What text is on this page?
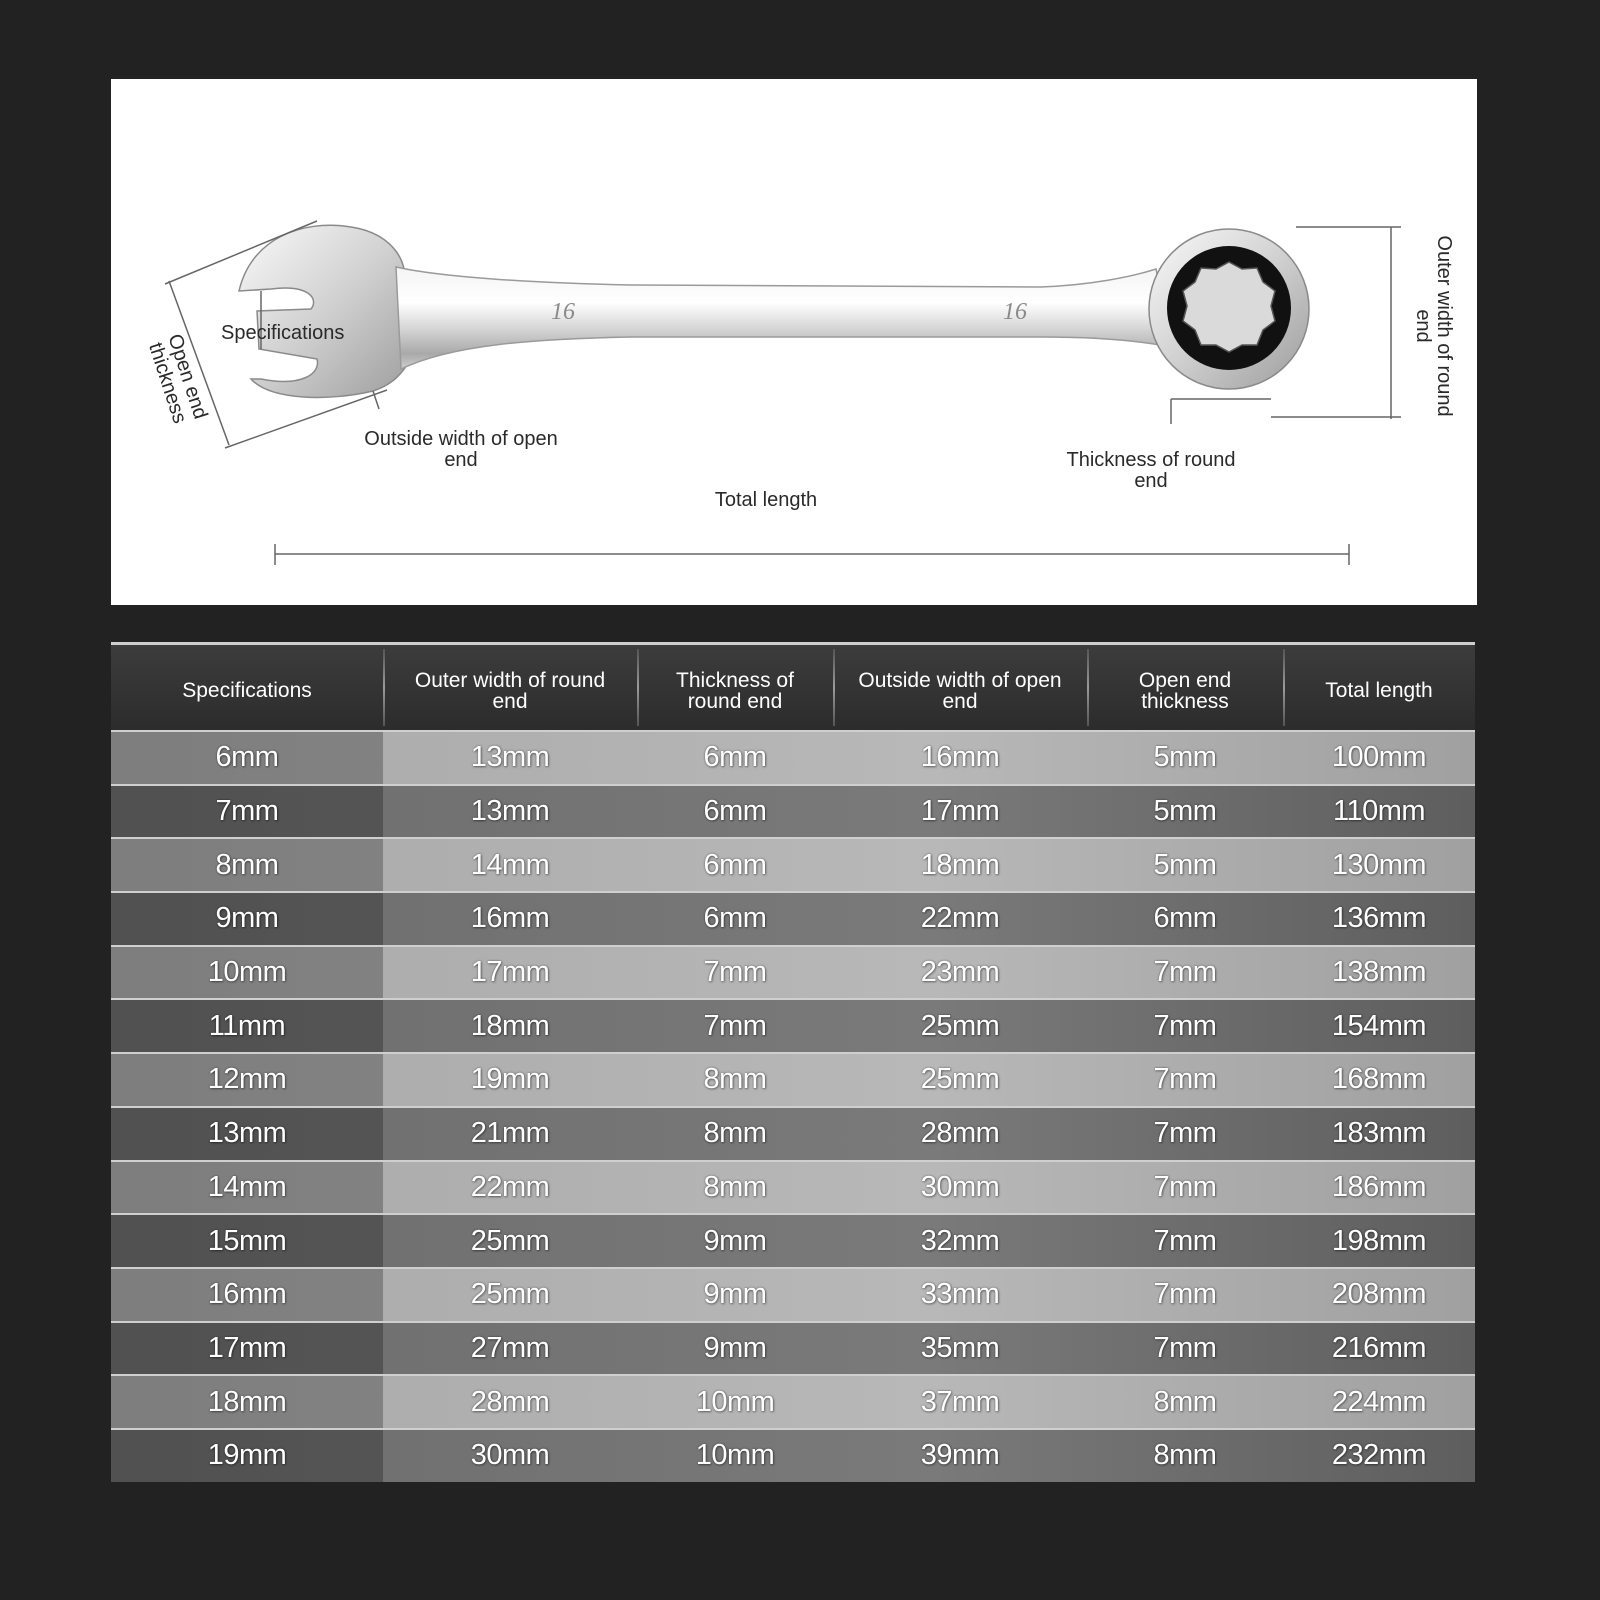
16	16
Specifications
Open end
thickness
Outside width of open
end	Thickness of round
end
Outer width of round
end
Total length
Specifications	Outer width of round
end
Thickness of
round end
Outside width of open
end
Open end
thickness	Total length
6mm	13mm	6mm	16mm	5mm	100mm
7mm	13mm	6mm	17mm	5mm	110mm
8mm	14mm	6mm	18mm	5mm	130mm
9mm	16mm	6mm	22mm	6mm	136mm
10mm	17mm	7mm	23mm	7mm	138mm
11mm	18mm	7mm	25mm	7mm	154mm
12mm	19mm	8mm	25mm	7mm	168mm
13mm	21mm	8mm	28mm	7mm	183mm
14mm	22mm	8mm	30mm	7mm	186mm
15mm	25mm	9mm	32mm	7mm	198mm
16mm	25mm	9mm	33mm	7mm	208mm
17mm	27mm	9mm	35mm	7mm	216mm
18mm	28mm	10mm	37mm	8mm	224mm
19mm	30mm	10mm	39mm	8mm	232mm
